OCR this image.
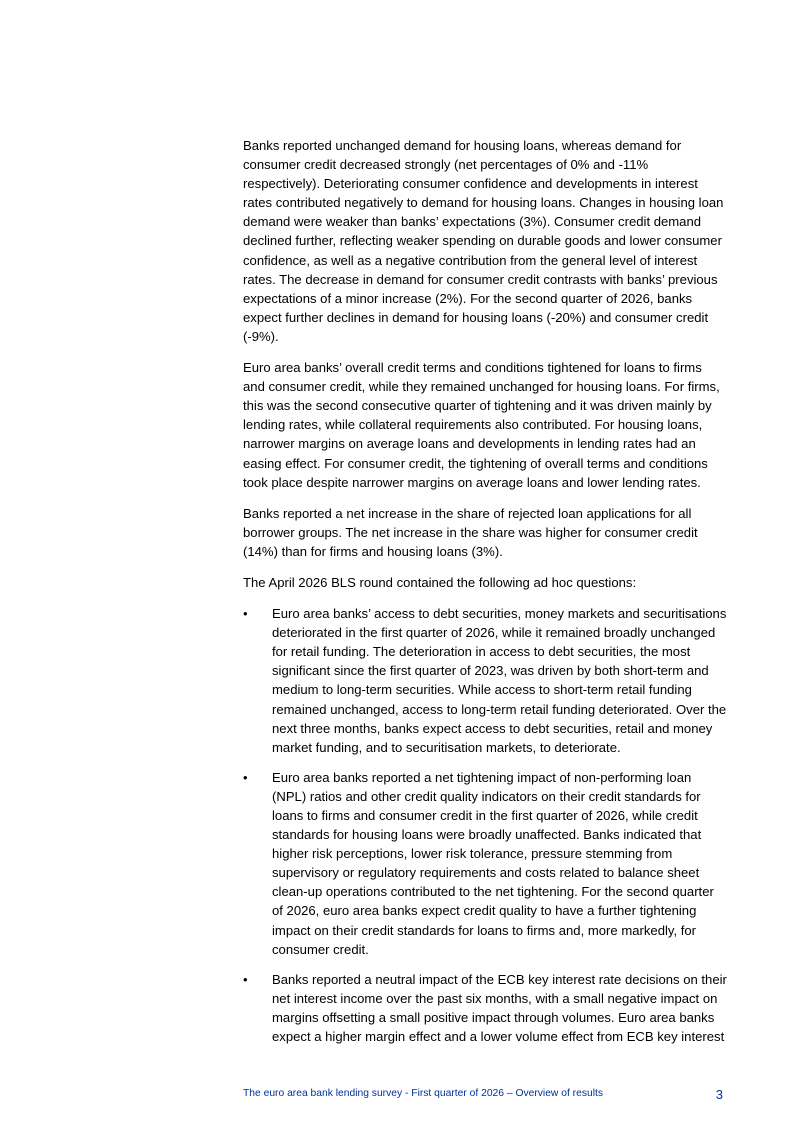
Banks reported unchanged demand for housing loans, whereas demand for consumer credit decreased strongly (net percentages of 0% and -11% respectively). Deteriorating consumer confidence and developments in interest rates contributed negatively to demand for housing loans. Changes in housing loan demand were weaker than banks’ expectations (3%). Consumer credit demand declined further, reflecting weaker spending on durable goods and lower consumer confidence, as well as a negative contribution from the general level of interest rates. The decrease in demand for consumer credit contrasts with banks’ previous expectations of a minor increase (2%). For the second quarter of 2026, banks expect further declines in demand for housing loans (-20%) and consumer credit (-9%).

Euro area banks’ overall credit terms and conditions tightened for loans to firms and consumer credit, while they remained unchanged for housing loans. For firms, this was the second consecutive quarter of tightening and it was driven mainly by lending rates, while collateral requirements also contributed. For housing loans, narrower margins on average loans and developments in lending rates had an easing effect. For consumer credit, the tightening of overall terms and conditions took place despite narrower margins on average loans and lower lending rates.

Banks reported a net increase in the share of rejected loan applications for all borrower groups. The net increase in the share was higher for consumer credit (14%) than for firms and housing loans (3%).

The April 2026 BLS round contained the following ad hoc questions:

•	Euro area banks’ access to debt securities, money markets and securitisations deteriorated in the first quarter of 2026, while it remained broadly unchanged for retail funding. The deterioration in access to debt securities, the most significant since the first quarter of 2023, was driven by both short-term and medium to long-term securities. While access to short-term retail funding remained unchanged, access to long-term retail funding deteriorated. Over the next three months, banks expect access to debt securities, retail and money market funding, and to securitisation markets, to deteriorate.
•	Euro area banks reported a net tightening impact of non-performing loan (NPL) ratios and other credit quality indicators on their credit standards for loans to firms and consumer credit in the first quarter of 2026, while credit standards for housing loans were broadly unaffected. Banks indicated that higher risk perceptions, lower risk tolerance, pressure stemming from supervisory or regulatory requirements and costs related to balance sheet clean-up operations contributed to the net tightening. For the second quarter of 2026, euro area banks expect credit quality to have a further tightening impact on their credit standards for loans to firms and, more markedly, for consumer credit.
•	Banks reported a neutral impact of the ECB key interest rate decisions on their net interest income over the past six months, with a small negative impact on margins offsetting a small positive impact through volumes. Euro area banks expect a higher margin effect and a lower volume effect from ECB key interest
The euro area bank lending survey - First quarter of 2026 – Overview of results	3
